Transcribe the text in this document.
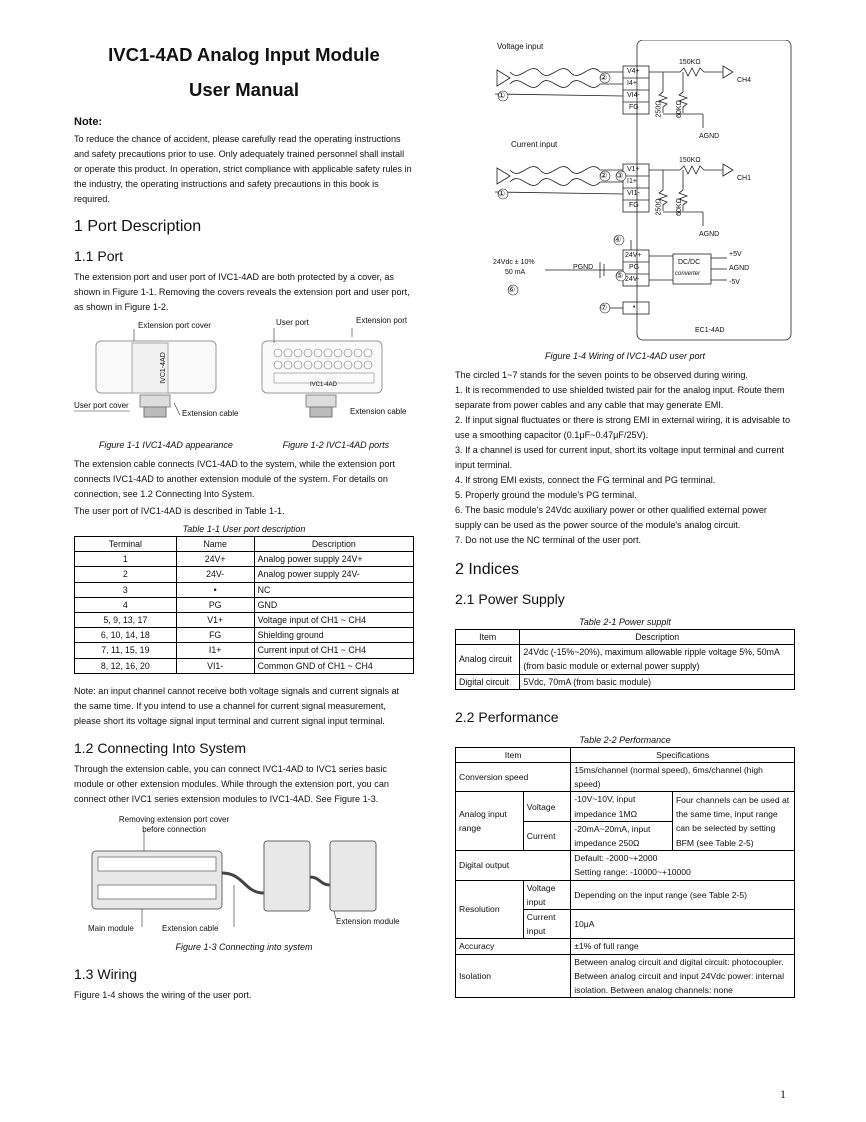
IVC1-4AD Analog Input Module
User Manual
Note:

To reduce the chance of accident, please carefully read the operating instructions and safety precautions prior to use. Only adequately trained personnel shall install or operate this product. In operation, strict compliance with applicable safety rules in the industry, the operating instructions and safety precautions in this book is required.

1 Port Description
1.1 Port

The extension port and user port of IVC1-4AD are both protected by a cover, as shown in Figure 1-1. Removing the covers reveals the extension port and user port, as shown in Figure 1-2.

Extension port cover
User port cover
Extension cable
IVC1-4AD
User port	Extension port
Extension cable
IVC1-4AD
Figure 1-1 IVC1-4AD appearance	Figure 1-2 IVC1-4AD ports

The extension cable connects IVC1-4AD to the system, while the extension port connects IVC1-4AD to another extension module of the system. For details on connection, see 1.2 Connecting Into System.

The user port of IVC1-4AD is described in Table 1-1.

Table 1-1 User port description
Terminal	Name	Description
1	24V+	Analog power supply 24V+
2	24V-	Analog power supply 24V-
3	•	NC
4	PG	GND
5, 9, 13, 17	V1+	Voltage input of CH1 ~ CH4
6, 10, 14, 18	FG	Shielding ground
7, 11, 15, 19	I1+	Current input of CH1 ~ CH4
8, 12, 16, 20	VI1-	Common GND of CH1 ~ CH4

Note: an input channel cannot receive both voltage signals and current signals at the same time. If you intend to use a channel for current signal measurement, please short its voltage signal input terminal and current signal input terminal.

1.2 Connecting Into System

Through the extension cable, you can connect IVC1-4AD to IVC1 series basic module or other extension modules. While through the extension port, you can connect other IVC1 series extension modules to IVC1-4AD. See Figure 1-3.

Removing extension port cover before connection
Main module	Extension cable
Extension module
Figure 1-3 Connecting into system
1.3 Wiring

Figure 1-4 shows the wiring of the user port.

Voltage input
Current input
V4+
I4+
VI4-
FG
V1+
I1+
VI1-
FG
150KΩ
150KΩ
250Ω 60KΩ
250Ω 60KΩ
CH4
CH1
AGND
AGND
24Vdc ± 10%
50 mA
PGND
24V+
PG
24V-
DC/DC
converter
+5V
AGND
-5V
•
EC1-4AD
①
②
①
② ③
④
⑤
⑥
⑦
Figure 1-4 Wiring of IVC1-4AD user port

The circled 1~7 stands for the seven points to be observed during wiring.

1. It is recommended to use shielded twisted pair for the analog input. Route them separate from power cables and any cable that may generate EMI.
2. If input signal fluctuates or there is strong EMI in external wiring, it is advisable to use a smoothing capacitor (0.1μF~0.47μF/25V).
3. If a channel is used for current input, short its voltage input terminal and current input terminal.
4. If strong EMI exists, connect the FG terminal and PG terminal.
5. Properly ground the module's PG terminal.
6. The basic module's 24Vdc auxiliary power or other qualified external power supply can be used as the power source of the module's analog circuit.
7. Do not use the NC terminal of the user port.
2 Indices
2.1 Power Supply
Table 2-1 Power supplt
Item	Description
Analog circuit	24Vdc (-15%~20%), maximum allowable ripple voltage 5%, 50mA (from basic module or external power supply)
Digital circuit	5Vdc, 70mA (from basic module)
2.2 Performance
Table 2-2 Performance
Item		Specifications	
Conversion speed		15ms/channel (normal speed), 6ms/channel (high speed)	
Analog input range	Voltage	-10V~10V, input impedance 1MΩ	Four channels can be used at the same time, input range can be selected by setting BFM (see Table 2-5)
	Current	-20mA~20mA, input impedance 250Ω	
Digital output		Default: -2000~+2000
Setting range: -10000~+10000	

Resolution	Voltage input	Depending on the input range (see Table 2-5)	
	Current input	10μA	
Accuracy		±1% of full range	
Isolation		Between analog circuit and digital circuit: photocoupler. Between analog circuit and input 24Vdc power: internal isolation. Between analog channels: none	
1
